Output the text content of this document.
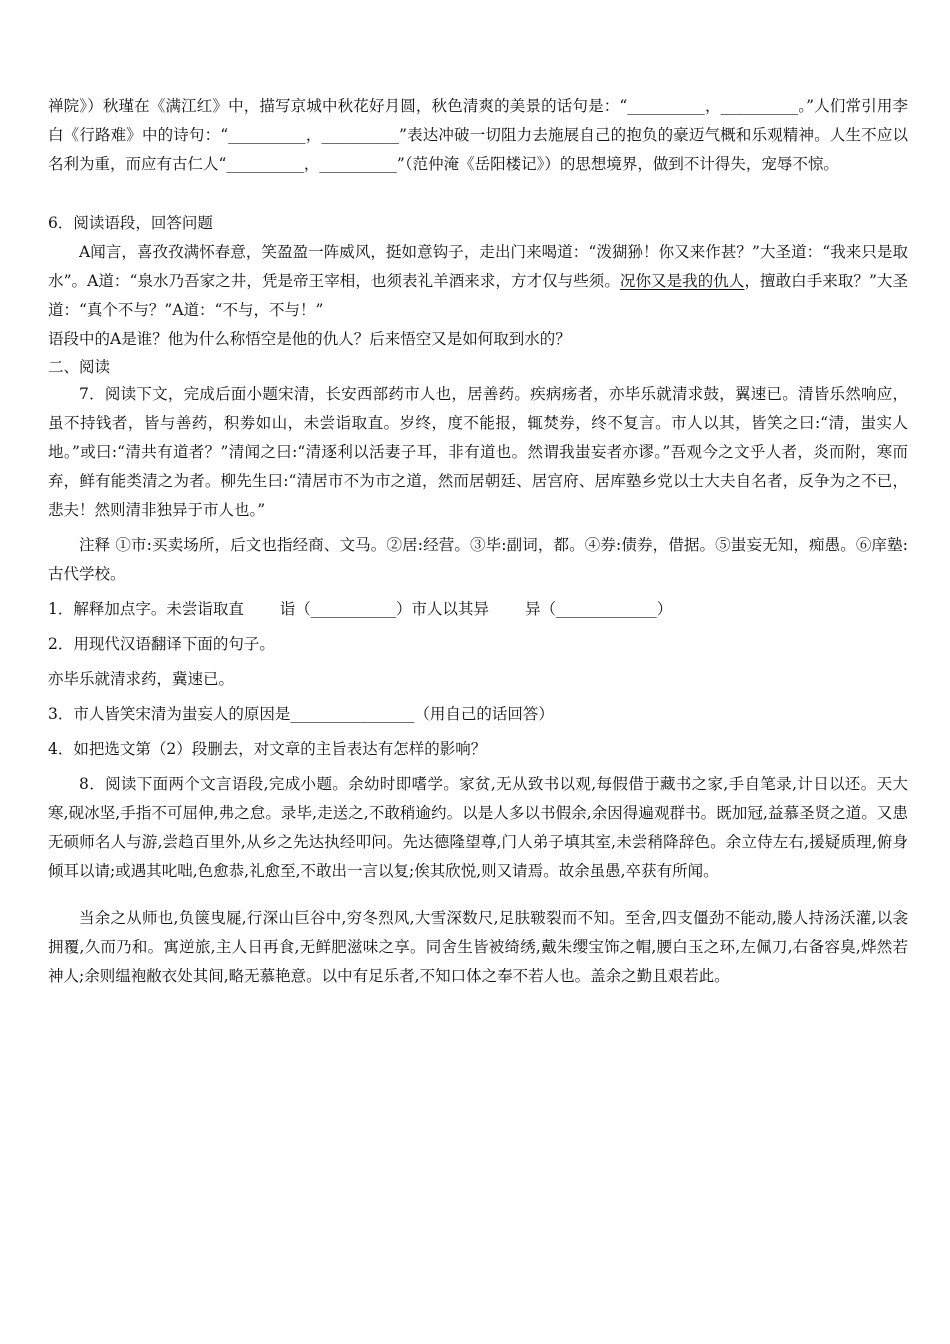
禅院》）秋瑾在《满江红》中，描写京城中秋花好月圆，秋色清爽的美景的话句是：“__________，__________。”人们常引用李白《行路难》中的诗句：“__________，__________”表达冲破一切阻力去施展自己的抱负的豪迈气概和乐观精神。人生不应以名利为重，而应有古仁人“__________，__________”（范仲淹《岳阳楼记》）的思想境界，做到不计得失，宠辱不惊。

6．阅读语段，回答问题

A闻言，喜孜孜满怀春意，笑盈盈一阵威风，挺如意钩子，走出门来喝道：“泼猢狲！你又来作甚？”大圣道：“我来只是取水”。A道：“泉水乃吾家之井，凭是帝王宰相，也须表礼羊酒来求，方才仅与些须。况你又是我的仇人，擅敢白手来取？”大圣道：“真个不与？”A道：“不与，不与！”

语段中的A是谁？他为什么称悟空是他的仇人？后来悟空又是如何取到水的？

二、阅读

7．阅读下文，完成后面小题宋清，长安西部药市人也，居善药。疾病疡者，亦毕乐就清求鼓，翼速已。清皆乐然响应，虽不持钱者，皆与善药，积劵如山，未尝诣取直。岁终，度不能报，辄焚券，终不复言。市人以其，皆笑之曰:“清，蚩实人地。”或曰:“清共有道者？”清闻之曰:“清逐利以活妻子耳，非有道也。然谓我蚩妄者亦谬。”吾观今之文乎人者，炎而附，寒而弃，鲜有能类清之为者。柳先生曰:“清居市不为市之道，然而居朝廷、居宫府、居库塾乡党以士大夫自名者，反争为之不已，悲夫！然则清非独异于市人也。”

注释 ①市:买卖场所，后文也指经商、文马。②居:经营。③毕:副词，都。④券:债券，借据。⑤蚩妄无知，痴愚。⑥庠塾:古代学校。

1．解释加点字。未尝诣取直　　 诣（___________）市人以其异　　 异（_____________）

2．用现代汉语翻译下面的句子。

亦毕乐就清求药，冀速已。

3．市人皆笑宋清为蚩妄人的原因是________________（用自己的话回答）

4．如把选文第（2）段删去，对文章的主旨表达有怎样的影响？

8．阅读下面两个文言语段,完成小题。余幼时即嗜学。家贫,无从致书以观,每假借于藏书之家,手自笔录,计日以还。天大寒,砚冰坚,手指不可屈伸,弗之怠。录毕,走送之,不敢稍逾约。以是人多以书假余,余因得遍观群书。既加冠,益慕圣贤之道。又患无硕师名人与游,尝趋百里外,从乡之先达执经叩问。先达德隆望尊,门人弟子填其室,未尝稍降辞色。余立侍左右,援疑质理,俯身倾耳以请;或遇其叱咄,色愈恭,礼愈至,不敢出一言以复;俟其欣悦,则又请焉。故余虽愚,卒获有所闻。

当余之从师也,负箧曳屣,行深山巨谷中,穷冬烈风,大雪深数尺,足肤皲裂而不知。至舍,四支僵劲不能动,媵人持汤沃灌,以衾拥覆,久而乃和。寓逆旅,主人日再食,无鲜肥滋味之享。同舍生皆被绮绣,戴朱缨宝饰之帽,腰白玉之环,左佩刀,右备容臭,烨然若神人;余则缊袍敝衣处其间,略无慕艳意。以中有足乐者,不知口体之奉不若人也。盖余之勤且艰若此。
